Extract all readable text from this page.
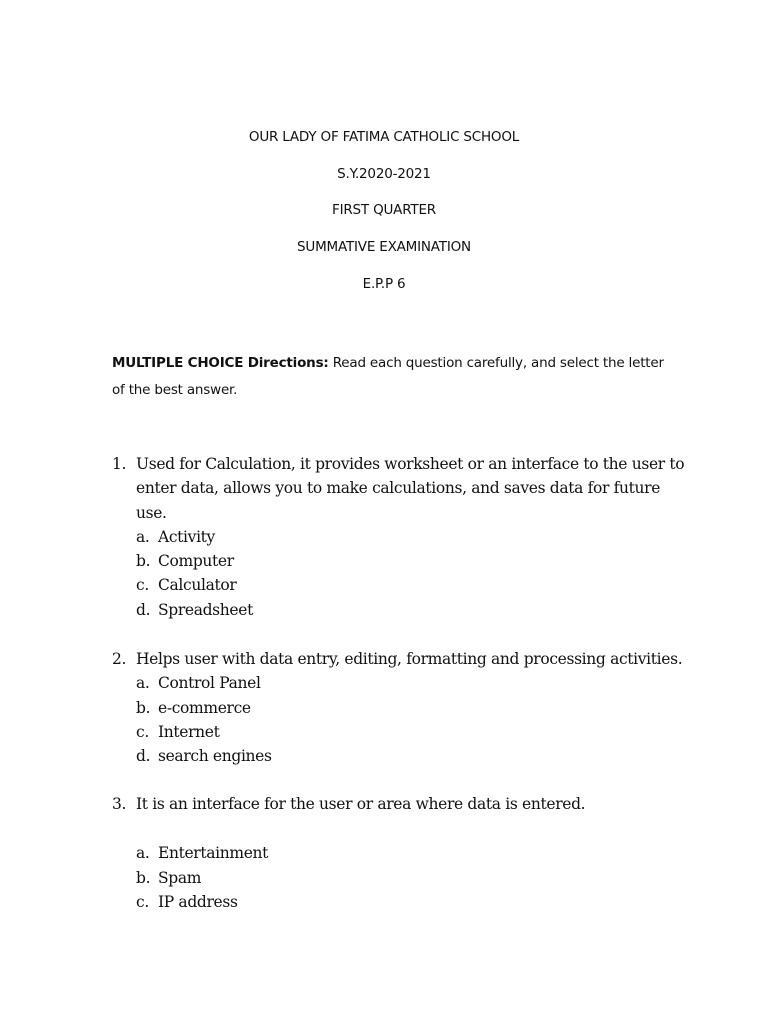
OUR LADY OF FATIMA CATHOLIC SCHOOL
S.Y.2020-2021
FIRST QUARTER
SUMMATIVE EXAMINATION
E.P.P 6
MULTIPLE CHOICE Directions: Read each question carefully, and select the letter of the best answer.
1. Used for Calculation, it provides worksheet or an interface to the user to enter data, allows you to make calculations, and saves data for future use.
a. Activity
b. Computer
c. Calculator
d. Spreadsheet
2. Helps user with data entry, editing, formatting and processing activities.
a. Control Panel
b. e-commerce
c. Internet
d. search engines
3. It is an interface for the user or area where data is entered.
a. Entertainment
b. Spam
c. IP address
